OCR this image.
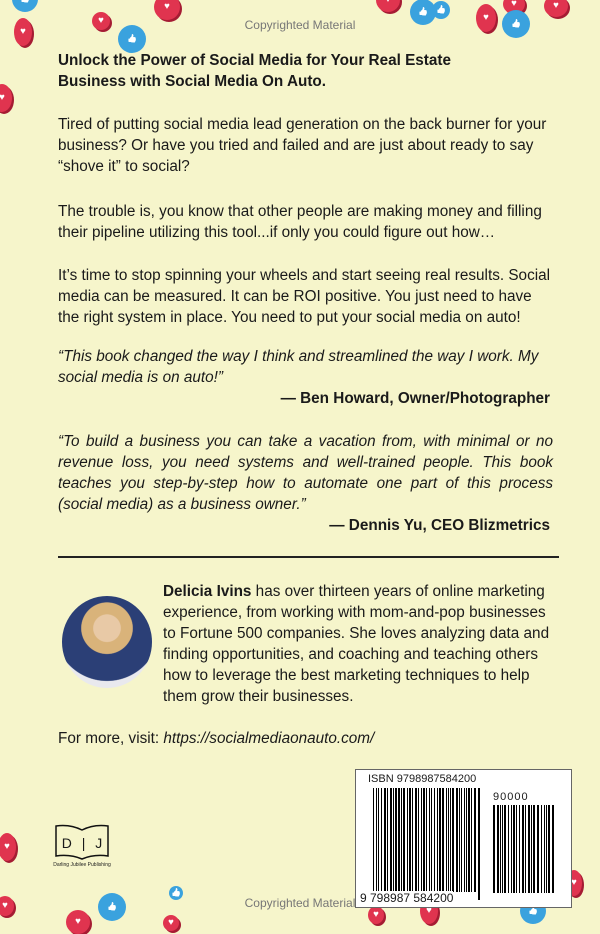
👍
♥
♥
♥
👍
♥
♥
👍
👍
♥
♥
👍
♥
♥
♥
👍
👍
♥
♥
♥
♥
♥
👍
Copyrighted Material

Unlock the Power of Social Media for Your Real Estate

Business with Social Media On Auto.

Tired of putting social media lead generation on the back burner for your business? Or have you tried and failed and are just about ready to say “shove it” to social?

The trouble is, you know that other people are making money and filling their pipeline utilizing this tool...if only you could figure out how…

It’s time to stop spinning your wheels and start seeing real results. Social media can be measured. It can be ROI positive. You just need to have the right system in place. You need to put your social media on auto!

“This book changed the way I think and streamlined the way I work. My social media is on auto!”

— Ben Howard, Owner/Photographer

“To build a business you can take a vacation from, with minimal or no revenue loss, you need systems and well-trained people. This book teaches you step-by-step how to automate one part of this process (social media) as a business owner.”

— Dennis Yu, CEO Blizmetrics

Delicia Ivins has over thirteen years of online marketing experience, from working with mom-and-pop businesses to Fortune 500 companies. She loves analyzing data and finding opportunities, and coaching and teaching others how to leverage the best marketing techniques to help them grow their businesses.

For more, visit: https://socialmediaonauto.com/

D | J
Darling Jubilee Publishing
Copyrighted Material
ISBN 9798987584200
90000
9 798987 584200
